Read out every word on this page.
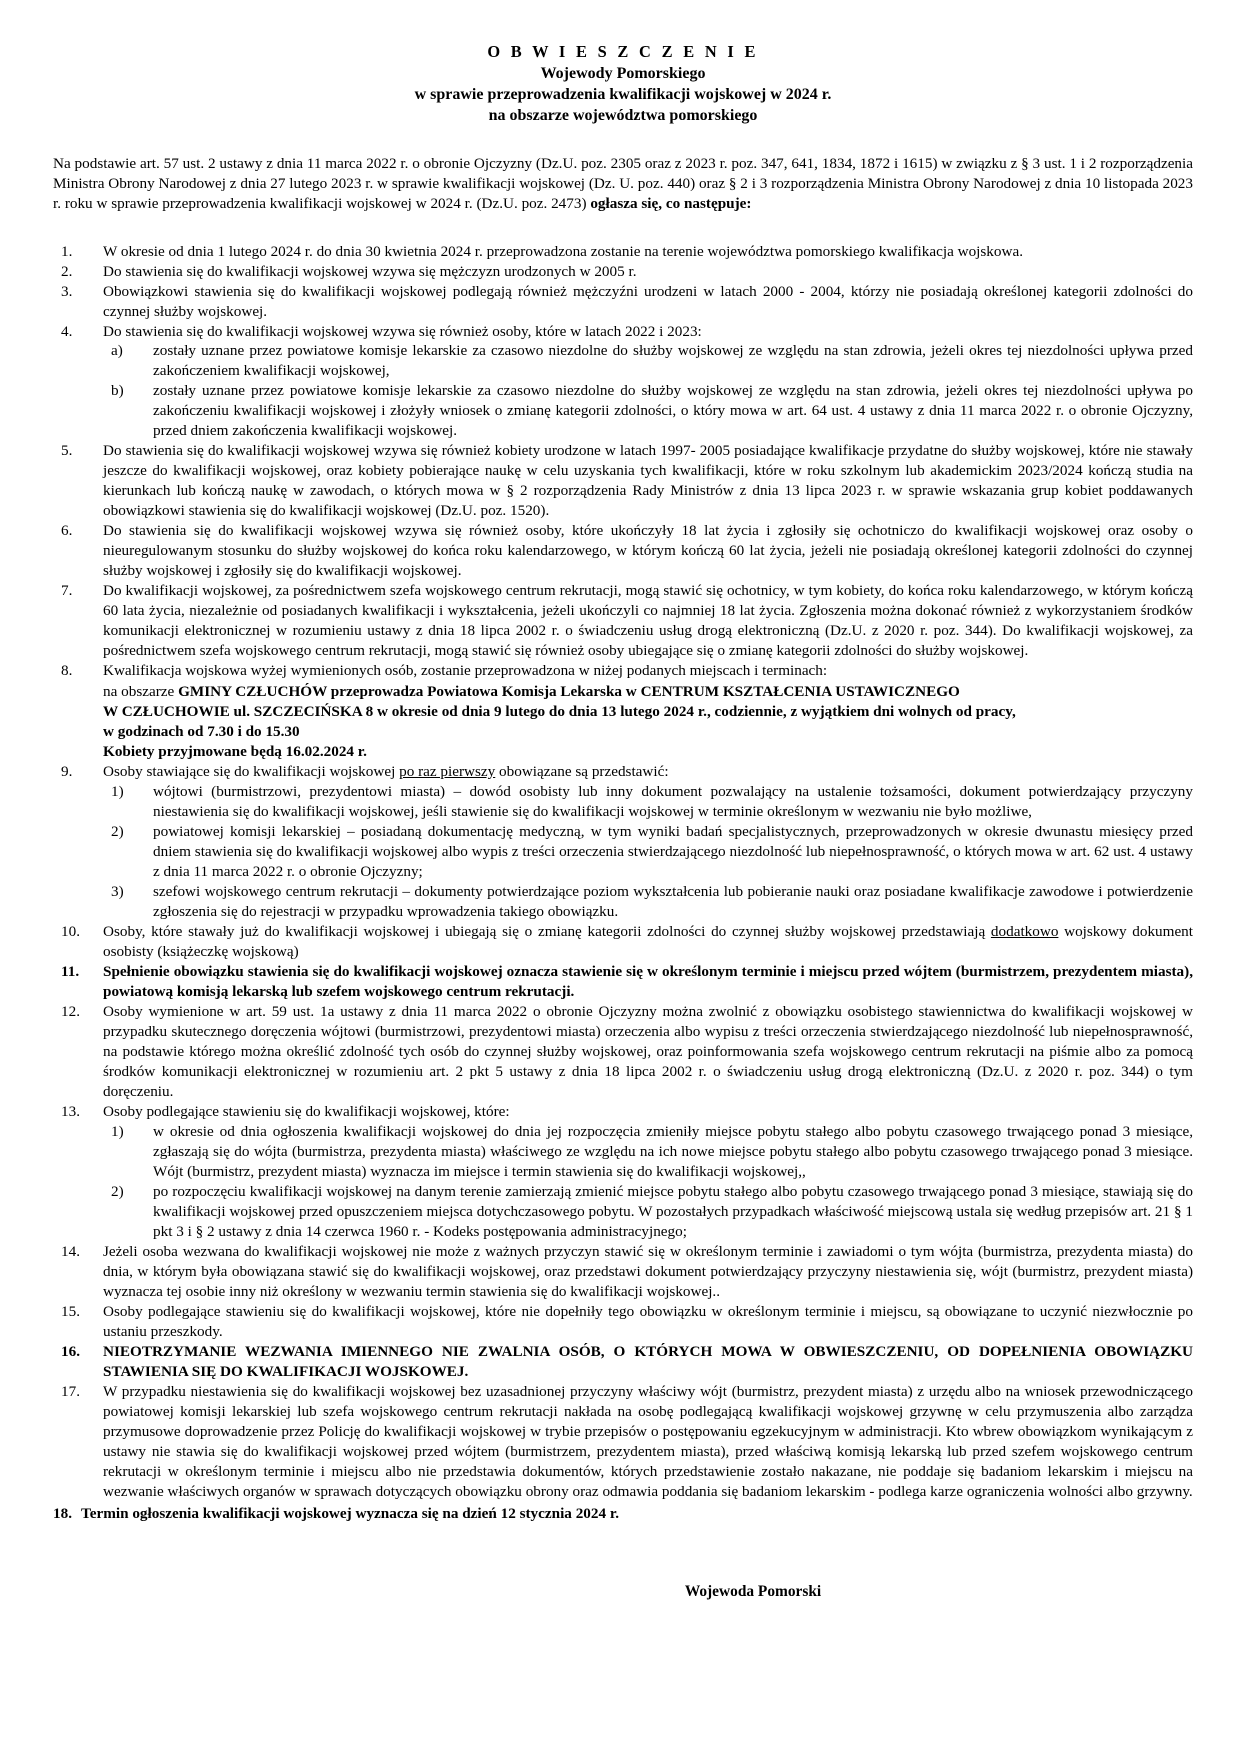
O B W I E S Z C Z E N I E
Wojewody Pomorskiego
w sprawie przeprowadzenia kwalifikacji wojskowej w 2024 r.
na obszarze województwa pomorskiego

Na podstawie art. 57 ust. 2 ustawy z dnia 11 marca 2022 r. o obronie Ojczyzny (Dz.U. poz. 2305 oraz z 2023 r. poz. 347, 641, 1834, 1872 i 1615) w związku z § 3 ust. 1 i 2 rozporządzenia Ministra Obrony Narodowej z dnia 27 lutego 2023 r. w sprawie kwalifikacji wojskowej (Dz. U. poz. 440) oraz § 2 i 3 rozporządzenia Ministra Obrony Narodowej z dnia 10 listopada 2023 r. roku w sprawie przeprowadzenia kwalifikacji wojskowej w 2024 r. (Dz.U. poz. 2473) ogłasza się, co następuje:

1.	W okresie od dnia 1 lutego 2024 r. do dnia 30 kwietnia 2024 r. przeprowadzona zostanie na terenie województwa pomorskiego kwalifikacja wojskowa.
2.	Do stawienia się do kwalifikacji wojskowej wzywa się mężczyzn urodzonych w 2005 r.
3.	Obowiązkowi stawienia się do kwalifikacji wojskowej podlegają również mężczyźni urodzeni w latach 2000 - 2004, którzy nie posiadają określonej kategorii zdolności do czynnej służby wojskowej.
4.	Do stawienia się do kwalifikacji wojskowej wzywa się również osoby, które w latach 2022 i 2023:
a)	zostały uznane przez powiatowe komisje lekarskie za czasowo niezdolne do służby wojskowej ze względu na stan zdrowia, jeżeli okres tej niezdolności upływa przed zakończeniem kwalifikacji wojskowej,
b)	zostały uznane przez powiatowe komisje lekarskie za czasowo niezdolne do służby wojskowej ze względu na stan zdrowia, jeżeli okres tej niezdolności upływa po zakończeniu kwalifikacji wojskowej i złożyły wniosek o zmianę kategorii zdolności, o który mowa w art. 64 ust. 4 ustawy z dnia 11 marca 2022 r. o obronie Ojczyzny, przed dniem zakończenia kwalifikacji wojskowej.
5.	Do stawienia się do kwalifikacji wojskowej wzywa się również kobiety urodzone w latach 1997- 2005 posiadające kwalifikacje przydatne do służby wojskowej, które nie stawały jeszcze do kwalifikacji wojskowej, oraz kobiety pobierające naukę w celu uzyskania tych kwalifikacji, które w roku szkolnym lub akademickim 2023/2024 kończą studia na kierunkach lub kończą naukę w zawodach, o których mowa w § 2 rozporządzenia Rady Ministrów z dnia 13 lipca 2023 r. w sprawie wskazania grup kobiet poddawanych obowiązkowi stawienia się do kwalifikacji wojskowej (Dz.U. poz. 1520).
6.	Do stawienia się do kwalifikacji wojskowej wzywa się również osoby, które ukończyły 18 lat życia i zgłosiły się ochotniczo do kwalifikacji wojskowej oraz osoby o nieuregulowanym stosunku do służby wojskowej do końca roku kalendarzowego, w którym kończą 60 lat życia, jeżeli nie posiadają określonej kategorii zdolności do czynnej służby wojskowej i zgłosiły się do kwalifikacji wojskowej.
7.	Do kwalifikacji wojskowej, za pośrednictwem szefa wojskowego centrum rekrutacji, mogą stawić się ochotnicy, w tym kobiety, do końca roku kalendarzowego, w którym kończą 60 lata życia, niezależnie od posiadanych kwalifikacji i wykształcenia, jeżeli ukończyli co najmniej 18 lat życia. Zgłoszenia można dokonać również z wykorzystaniem środków komunikacji elektronicznej w rozumieniu ustawy z dnia 18 lipca 2002 r. o świadczeniu usług drogą elektroniczną (Dz.U. z 2020 r. poz. 344). Do kwalifikacji wojskowej, za pośrednictwem szefa wojskowego centrum rekrutacji, mogą stawić się również osoby ubiegające się o zmianę kategorii zdolności do służby wojskowej.
8.	Kwalifikacja wojskowa wyżej wymienionych osób, zostanie przeprowadzona w niżej podanych miejscach i terminach:
na obszarze GMINY CZŁUCHÓW przeprowadza Powiatowa Komisja Lekarska w CENTRUM KSZTAŁCENIA USTAWICZNEGO
W CZŁUCHOWIE ul. SZCZECIŃSKA 8 w okresie od dnia 9 lutego do dnia 13 lutego 2024 r., codziennie, z wyjątkiem dni wolnych od pracy,
w godzinach od 7.30 i do 15.30
Kobiety przyjmowane będą 16.02.2024 r.
9.	Osoby stawiające się do kwalifikacji wojskowej po raz pierwszy obowiązane są przedstawić:
1)	wójtowi (burmistrzowi, prezydentowi miasta) – dowód osobisty lub inny dokument pozwalający na ustalenie tożsamości, dokument potwierdzający przyczyny niestawienia się do kwalifikacji wojskowej, jeśli stawienie się do kwalifikacji wojskowej w terminie określonym w wezwaniu nie było możliwe,
2)	powiatowej komisji lekarskiej – posiadaną dokumentację medyczną, w tym wyniki badań specjalistycznych, przeprowadzonych w okresie dwunastu miesięcy przed dniem stawienia się do kwalifikacji wojskowej albo wypis z treści orzeczenia stwierdzającego niezdolność lub niepełnosprawność, o których mowa w art. 62 ust. 4 ustawy z dnia 11 marca 2022 r. o obronie Ojczyzny;
3)	szefowi wojskowego centrum rekrutacji – dokumenty potwierdzające poziom wykształcenia lub pobieranie nauki oraz posiadane kwalifikacje zawodowe i potwierdzenie zgłoszenia się do rejestracji w przypadku wprowadzenia takiego obowiązku.
10.	Osoby, które stawały już do kwalifikacji wojskowej i ubiegają się o zmianę kategorii zdolności do czynnej służby wojskowej przedstawiają dodatkowo wojskowy dokument osobisty (książeczkę wojskową)
11.	Spełnienie obowiązku stawienia się do kwalifikacji wojskowej oznacza stawienie się w określonym terminie i miejscu przed wójtem (burmistrzem, prezydentem miasta), powiatową komisją lekarską lub szefem wojskowego centrum rekrutacji.
12.	Osoby wymienione w art. 59 ust. 1a ustawy z dnia 11 marca 2022 o obronie Ojczyzny można zwolnić z obowiązku osobistego stawiennictwa do kwalifikacji wojskowej w przypadku skutecznego doręczenia wójtowi (burmistrzowi, prezydentowi miasta) orzeczenia albo wypisu z treści orzeczenia stwierdzającego niezdolność lub niepełnosprawność, na podstawie którego można określić zdolność tych osób do czynnej służby wojskowej, oraz poinformowania szefa wojskowego centrum rekrutacji na piśmie albo za pomocą środków komunikacji elektronicznej w rozumieniu art. 2 pkt 5 ustawy z dnia 18 lipca 2002 r. o świadczeniu usług drogą elektroniczną (Dz.U. z 2020 r. poz. 344) o tym doręczeniu.
13.	Osoby podlegające stawieniu się do kwalifikacji wojskowej, które:
1)	w okresie od dnia ogłoszenia kwalifikacji wojskowej do dnia jej rozpoczęcia zmieniły miejsce pobytu stałego albo pobytu czasowego trwającego ponad 3 miesiące, zgłaszają się do wójta (burmistrza, prezydenta miasta) właściwego ze względu na ich nowe miejsce pobytu stałego albo pobytu czasowego trwającego ponad 3 miesiące. Wójt (burmistrz, prezydent miasta) wyznacza im miejsce i termin stawienia się do kwalifikacji wojskowej,,
2)	po rozpoczęciu kwalifikacji wojskowej na danym terenie zamierzają zmienić miejsce pobytu stałego albo pobytu czasowego trwającego ponad 3 miesiące, stawiają się do kwalifikacji wojskowej przed opuszczeniem miejsca dotychczasowego pobytu. W pozostałych przypadkach właściwość miejscową ustala się według przepisów art. 21 § 1 pkt 3 i § 2 ustawy z dnia 14 czerwca 1960 r. - Kodeks postępowania administracyjnego;
14.	Jeżeli osoba wezwana do kwalifikacji wojskowej nie może z ważnych przyczyn stawić się w określonym terminie i zawiadomi o tym wójta (burmistrza, prezydenta miasta) do dnia, w którym była obowiązana stawić się do kwalifikacji wojskowej, oraz przedstawi dokument potwierdzający przyczyny niestawienia się, wójt (burmistrz, prezydent miasta) wyznacza tej osobie inny niż określony w wezwaniu termin stawienia się do kwalifikacji wojskowej..
15.	Osoby podlegające stawieniu się do kwalifikacji wojskowej, które nie dopełniły tego obowiązku w określonym terminie i miejscu, są obowiązane to uczynić niezwłocznie po ustaniu przeszkody.
16.	NIEOTRZYMANIE WEZWANIA IMIENNEGO NIE ZWALNIA OSÓB, O KTÓRYCH MOWA W OBWIESZCZENIU, OD DOPEŁNIENIA OBOWIĄZKU STAWIENIA SIĘ DO KWALIFIKACJI WOJSKOWEJ.
17.	W przypadku niestawienia się do kwalifikacji wojskowej bez uzasadnionej przyczyny właściwy wójt (burmistrz, prezydent miasta) z urzędu albo na wniosek przewodniczącego powiatowej komisji lekarskiej lub szefa wojskowego centrum rekrutacji nakłada na osobę podlegającą kwalifikacji wojskowej grzywnę w celu przymuszenia albo zarządza przymusowe doprowadzenie przez Policję do kwalifikacji wojskowej w trybie przepisów o postępowaniu egzekucyjnym w administracji. Kto wbrew obowiązkom wynikającym z ustawy nie stawia się do kwalifikacji wojskowej przed wójtem (burmistrzem, prezydentem miasta), przed właściwą komisją lekarską lub przed szefem wojskowego centrum rekrutacji w określonym terminie i miejscu albo nie przedstawia dokumentów, których przedstawienie zostało nakazane, nie poddaje się badaniom lekarskim i miejscu na wezwanie właściwych organów w sprawach dotyczących obowiązku obrony oraz odmawia poddania się badaniom lekarskim - podlega karze ograniczenia wolności albo grzywny.
18. Termin ogłoszenia kwalifikacji wojskowej wyznacza się na dzień 12 stycznia 2024 r.
Wojewoda Pomorski
